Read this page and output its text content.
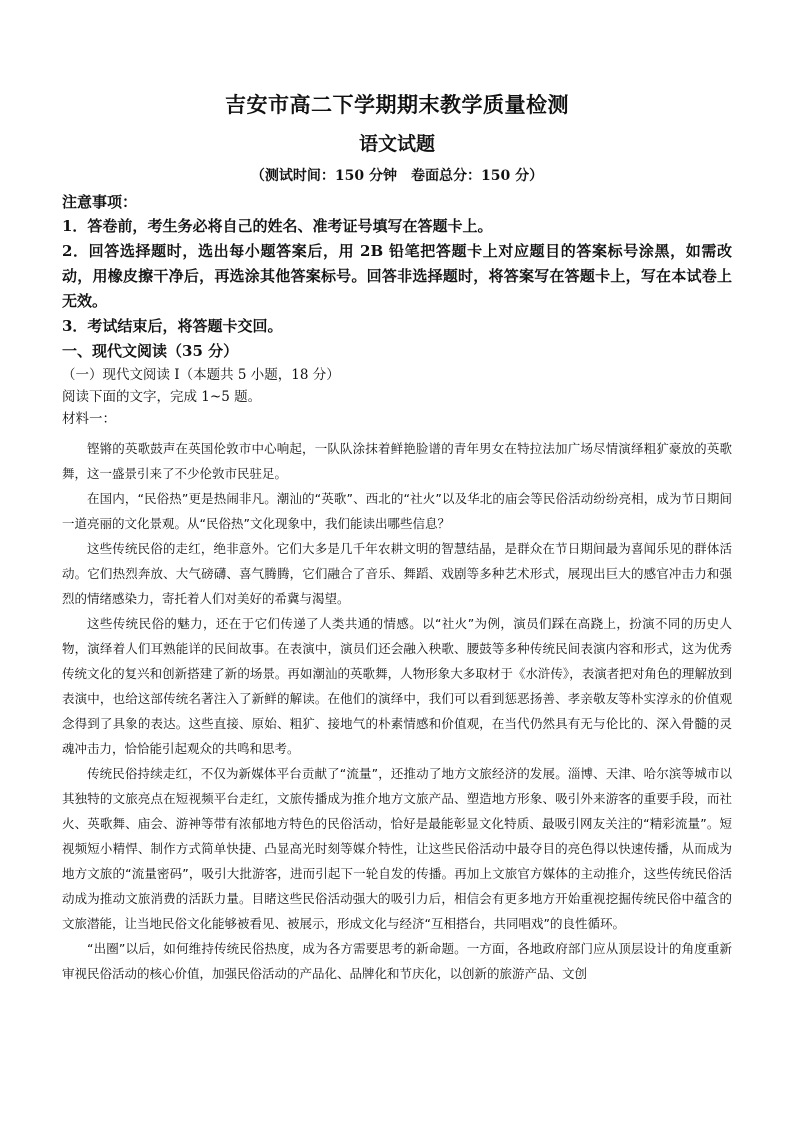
吉安市高二下学期期末教学质量检测
语文试题

（测试时间：150 分钟　卷面总分：150 分）

注意事项：

1．答卷前，考生务必将自己的姓名、准考证号填写在答题卡上。

2．回答选择题时，选出每小题答案后，用 2B 铅笔把答题卡上对应题目的答案标号涂黑，如需改动，用橡皮擦干净后，再选涂其他答案标号。回答非选择题时，将答案写在答题卡上，写在本试卷上无效。

3．考试结束后，将答题卡交回。

一、现代文阅读（35 分）

（一）现代文阅读 I（本题共 5 小题，18 分）

阅读下面的文字，完成 1~5 题。

材料一：

铿锵的英歌鼓声在英国伦敦市中心响起，一队队涂抹着鲜艳脸谱的青年男女在特拉法加广场尽情演绎粗犷豪放的英歌舞，这一盛景引来了不少伦敦市民驻足。

在国内，“民俗热”更是热闹非凡。潮汕的“英歌”、西北的“社火”以及华北的庙会等民俗活动纷纷亮相，成为节日期间一道亮丽的文化景观。从“民俗热”文化现象中，我们能读出哪些信息？

这些传统民俗的走红，绝非意外。它们大多是几千年农耕文明的智慧结晶，是群众在节日期间最为喜闻乐见的群体活动。它们热烈奔放、大气磅礴、喜气腾腾，它们融合了音乐、舞蹈、戏剧等多种艺术形式，展现出巨大的感官冲击力和强烈的情绪感染力，寄托着人们对美好的希冀与渴望。

这些传统民俗的魅力，还在于它们传递了人类共通的情感。以“社火”为例，演员们踩在高跷上，扮演不同的历史人物，演绎着人们耳熟能详的民间故事。在表演中，演员们还会融入秧歌、腰鼓等多种传统民间表演内容和形式，这为优秀传统文化的复兴和创新搭建了新的场景。再如潮汕的英歌舞，人物形象大多取材于《水浒传》，表演者把对角色的理解放到表演中，也给这部传统名著注入了新鲜的解读。在他们的演绎中，我们可以看到惩恶扬善、孝亲敬友等朴实淳永的价值观念得到了具象的表达。这些直接、原始、粗犷、接地气的朴素情感和价值观，在当代仍然具有无与伦比的、深入骨髓的灵魂冲击力，恰恰能引起观众的共鸣和思考。

传统民俗持续走红，不仅为新媒体平台贡献了“流量”，还推动了地方文旅经济的发展。淄博、天津、哈尔滨等城市以其独特的文旅亮点在短视频平台走红，文旅传播成为推介地方文旅产品、塑造地方形象、吸引外来游客的重要手段，而社火、英歌舞、庙会、游神等带有浓郁地方特色的民俗活动，恰好是最能彰显文化特质、最吸引网友关注的“精彩流量”。短视频短小精悍、制作方式简单快捷、凸显高光时刻等媒介特性，让这些民俗活动中最夺目的亮色得以快速传播，从而成为地方文旅的“流量密码”，吸引大批游客，进而引起下一轮自发的传播。再加上文旅官方媒体的主动推介，这些传统民俗活动成为推动文旅消费的活跃力量。目睹这些民俗活动强大的吸引力后，相信会有更多地方开始重视挖掘传统民俗中蕴含的文旅潜能，让当地民俗文化能够被看见、被展示，形成文化与经济“互相搭台，共同唱戏”的良性循环。

“出圈”以后，如何维持传统民俗热度，成为各方需要思考的新命题。一方面，各地政府部门应从顶层设计的角度重新审视民俗活动的核心价值，加强民俗活动的产品化、品牌化和节庆化，以创新的旅游产品、文创
